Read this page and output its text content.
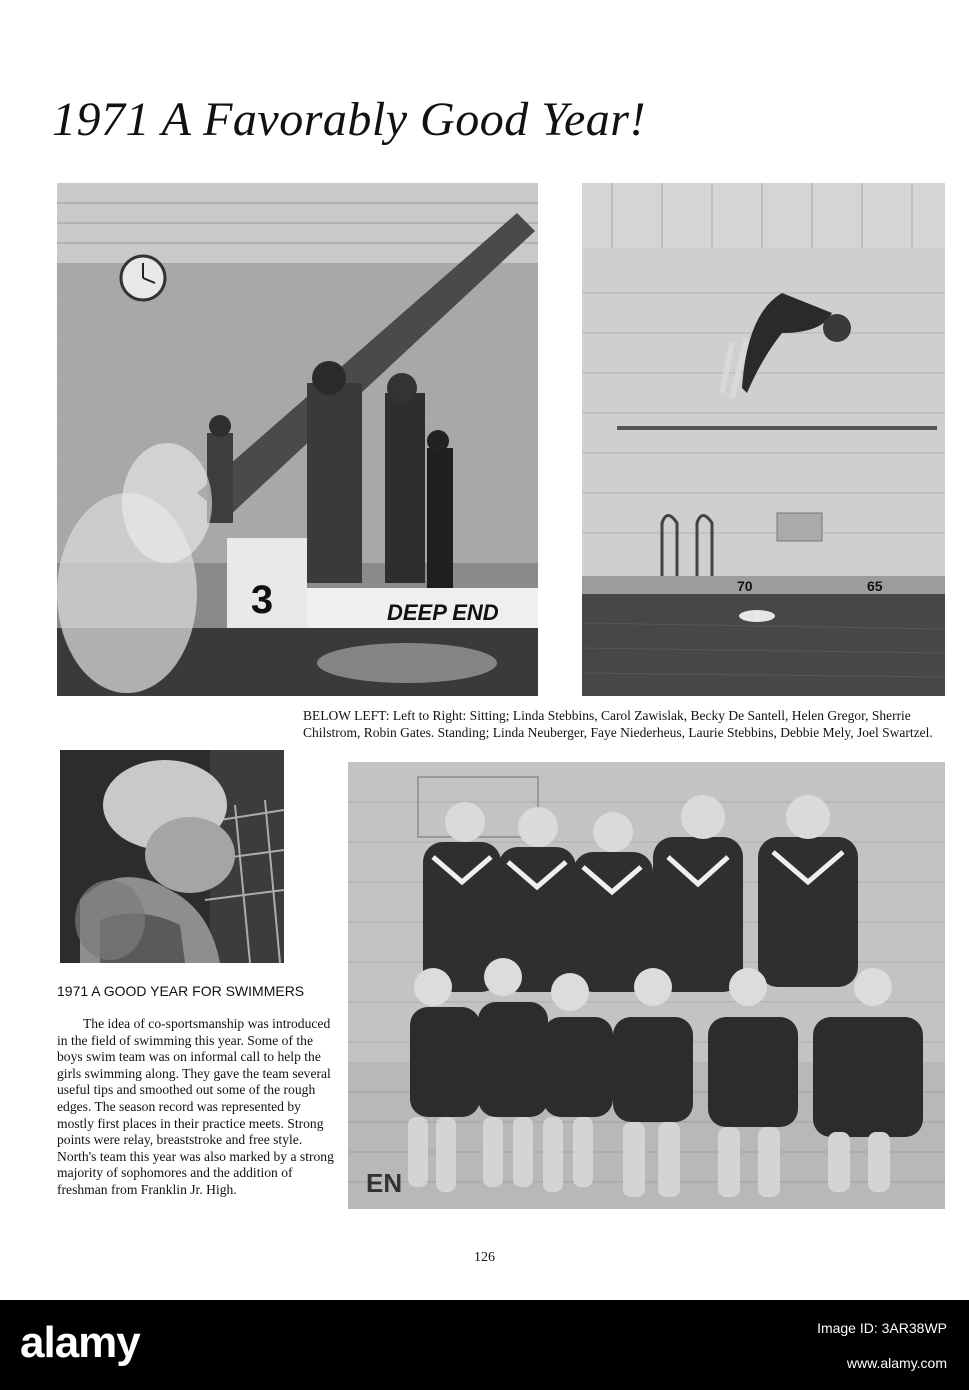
1971 A Favorably Good Year!
3	DEEP END
70	65
BELOW LEFT: Left to Right: Sitting; Linda Stebbins, Carol Zawislak, Becky De Santell, Helen Gregor, Sherrie Chilstrom, Robin Gates. Standing; Linda Neuberger, Faye Niederheus, Laurie Stebbins, Debbie Mely, Joel Swartzel.
EN
1971 A GOOD YEAR FOR SWIMMERS
The idea of co-sportsmanship was introduced in the field of swimming this year. Some of the boys swim team was on informal call to help the girls swimming along. They gave the team several useful tips and smoothed out some of the rough edges. The season record was represented by mostly first places in their practice meets. Strong points were relay, breaststroke and free style. North's team this year was also marked by a strong majority of sophomores and the addition of freshman from Franklin Jr. High.
126
alamy	Image ID: 3AR38WP
www.alamy.com
